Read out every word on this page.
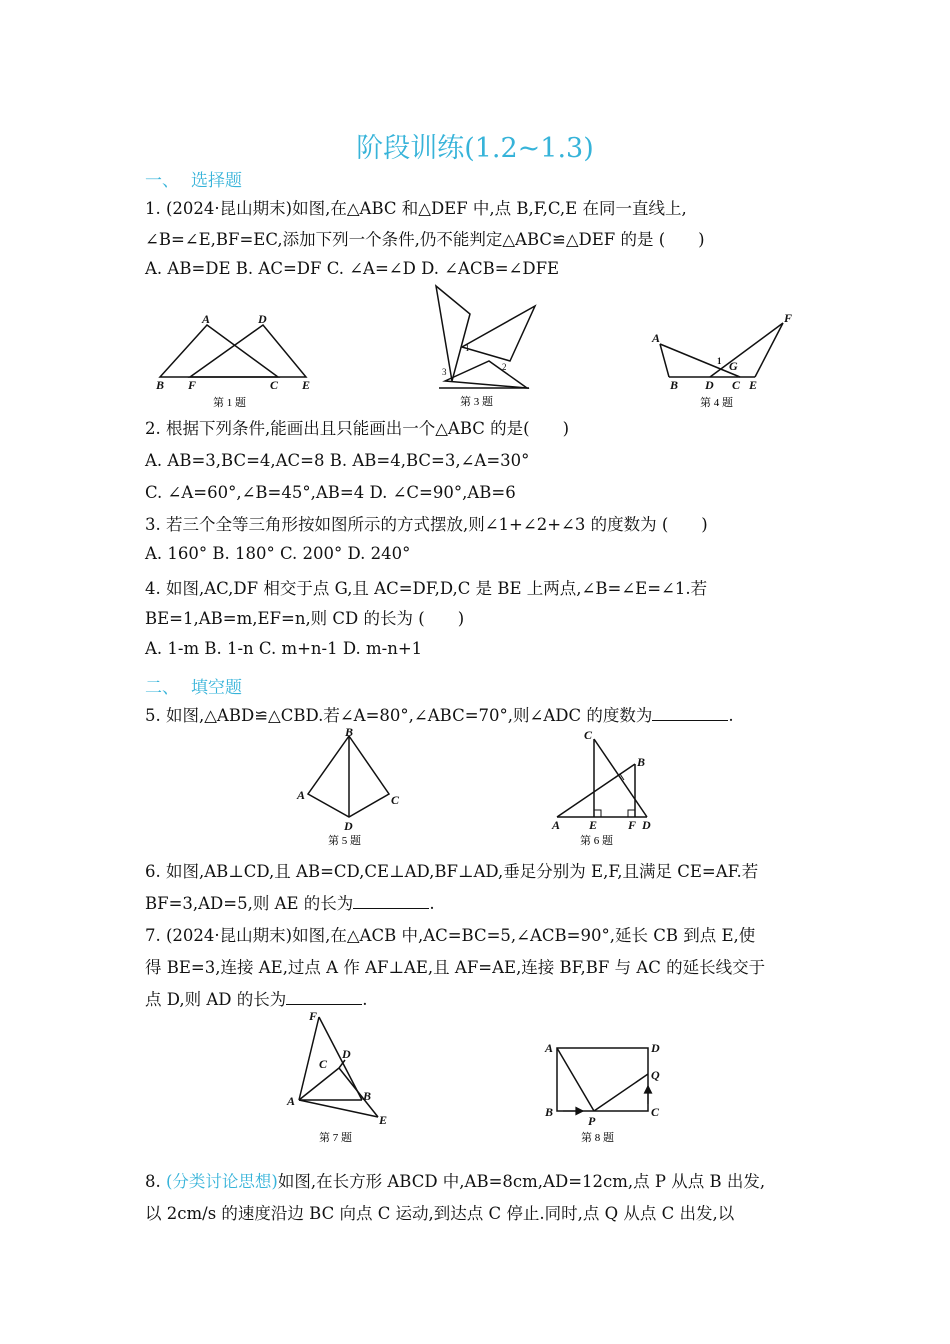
阶段训练(1.2~1.3)
一、 选择题
1. (2024·昆山期末)如图,在△ABC 和△DEF 中,点 B,F,C,E 在同一直线上,
∠B=∠E,BF=EC,添加下列一个条件,仍不能判定△ABC≌△DEF 的是 (　　)
A. AB=DE B. AC=DF C. ∠A=∠D D. ∠ACB=∠DFE
A	D
B F	C E
第 1 题
1
2
3
第 3 题
A
F
1 G
B D C E
第 4 题
2. 根据下列条件,能画出且只能画出一个△ABC 的是(　　)
A. AB=3,BC=4,AC=8 B. AB=4,BC=3,∠A=30°
C. ∠A=60°,∠B=45°,AB=4 D. ∠C=90°,AB=6
3. 若三个全等三角形按如图所示的方式摆放,则∠1+∠2+∠3 的度数为 (　　)
A. 160° B. 180° C. 200° D. 240°
4. 如图,AC,DF 相交于点 G,且 AC=DF,D,C 是 BE 上两点,∠B=∠E=∠1.若
BE=1,AB=m,EF=n,则 CD 的长为 (　　)
A. 1-m B. 1-n C. m+n-1 D. m-n+1
二、 填空题
5. 如图,△ABD≌△CBD.若∠A=80°,∠ABC=70°,则∠ADC 的度数为	.
B
A	C
D
第 5 题
C
B
A E	F D
第 6 题
6. 如图,AB⊥CD,且 AB=CD,CE⊥AD,BF⊥AD,垂足分别为 E,F,且满足 CE=AF.若
BF=3,AD=5,则 AE 的长为	.
7. (2024·昆山期末)如图,在△ACB 中,AC=BC=5,∠ACB=90°,延长 CB 到点 E,使
得 BE=3,连接 AE,过点 A 作 AF⊥AE,且 AF=AE,连接 BF,BF 与 AC 的延长线交于
点 D,则 AD 的长为	.
F
D
C
A	B
E
第 7 题
A	D
Q
B
P
C
第 8 题
8. (分类讨论思想)如图,在长方形 ABCD 中,AB=8cm,AD=12cm,点 P 从点 B 出发,
以 2cm/s 的速度沿边 BC 向点 C 运动,到达点 C 停止.同时,点 Q 从点 C 出发,以
